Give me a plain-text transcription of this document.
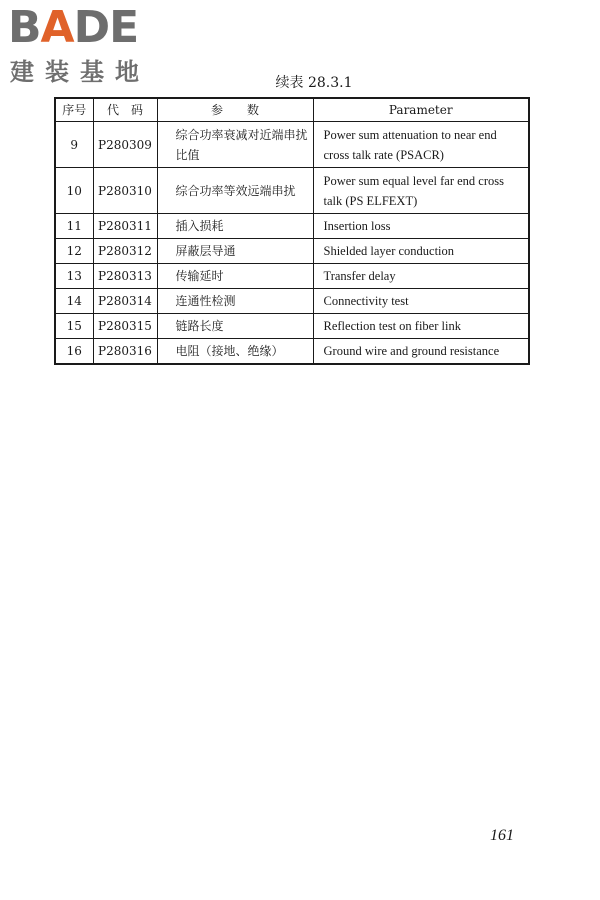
B A D E
建装基地	续表 28.3.1
序号	代　码	参　　数	Parameter
9	P280309	综合功率衰减对近端串扰比值	Power sum attenuation to near end cross talk rate (PSACR)
10	P280310	综合功率等效远端串扰	Power sum equal level far end cross talk (PS ELFEXT)
11	P280311	插入损耗	Insertion loss
12	P280312	屏蔽层导通	Shielded layer conduction
13	P280313	传输延时	Transfer delay
14	P280314	连通性检测	Connectivity test
15	P280315	链路长度	Reflection test on fiber link
16	P280316	电阻（接地、绝缘）	Ground wire and ground resistance
161
